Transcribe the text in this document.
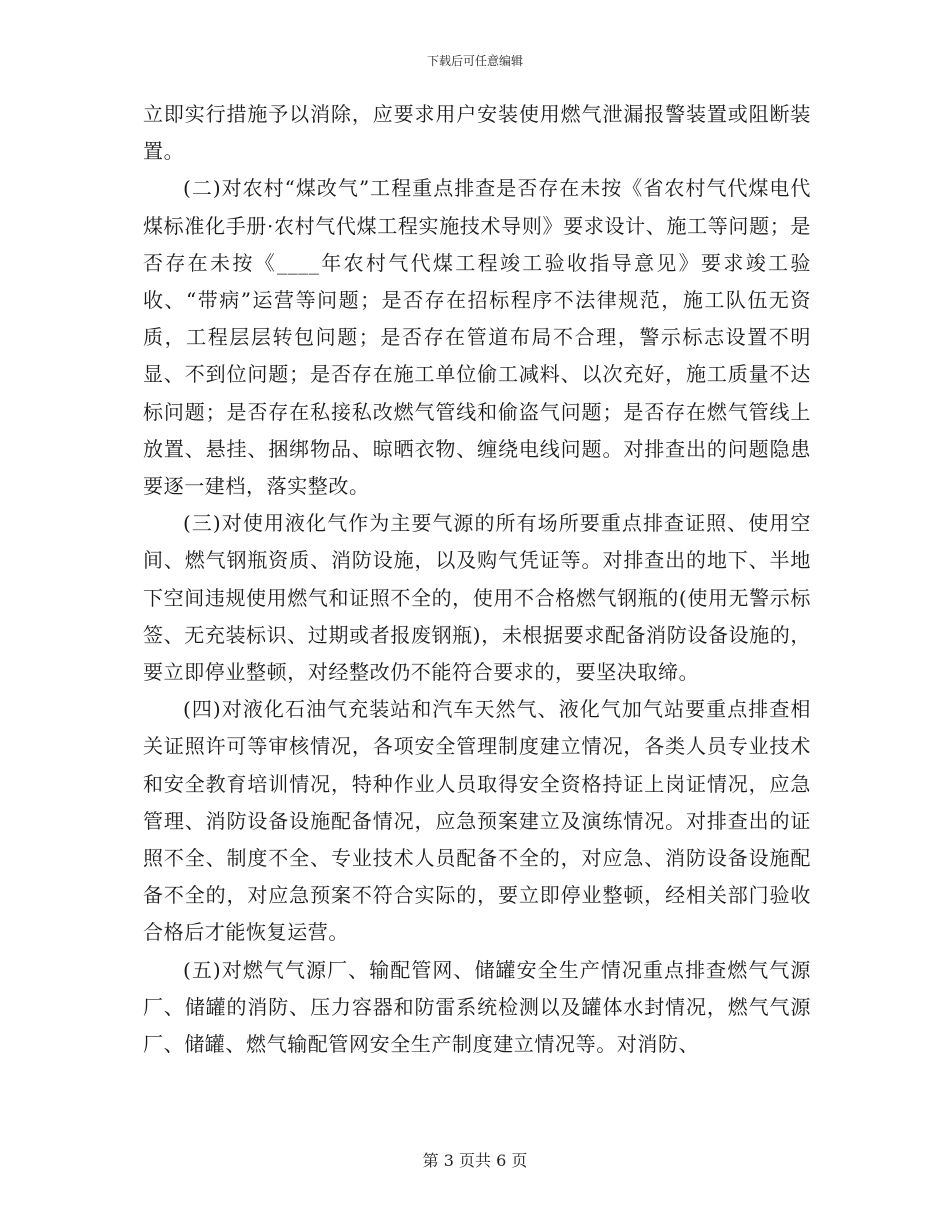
下载后可任意编辑

立即实行措施予以消除，应要求用户安装使用燃气泄漏报警装置或阻断装置。

(二)对农村“煤改气”工程重点排查是否存在未按《省农村气代煤电代煤标准化手册·农村气代煤工程实施技术导则》要求设计、施工等问题；是否存在未按《____年农村气代煤工程竣工验收指导意见》要求竣工验收、“带病”运营等问题；是否存在招标程序不法律规范，施工队伍无资质，工程层层转包问题；是否存在管道布局不合理，警示标志设置不明显、不到位问题；是否存在施工单位偷工减料、以次充好，施工质量不达标问题；是否存在私接私改燃气管线和偷盗气问题；是否存在燃气管线上放置、悬挂、捆绑物品、晾晒衣物、缠绕电线问题。对排查出的问题隐患要逐一建档，落实整改。

(三)对使用液化气作为主要气源的所有场所要重点排查证照、使用空间、燃气钢瓶资质、消防设施，以及购气凭证等。对排查出的地下、半地下空间违规使用燃气和证照不全的，使用不合格燃气钢瓶的(使用无警示标签、无充装标识、过期或者报废钢瓶)，未根据要求配备消防设备设施的，要立即停业整顿，对经整改仍不能符合要求的，要坚决取缔。

(四)对液化石油气充装站和汽车天然气、液化气加气站要重点排查相关证照许可等审核情况，各项安全管理制度建立情况，各类人员专业技术和安全教育培训情况，特种作业人员取得安全资格持证上岗证情况，应急管理、消防设备设施配备情况，应急预案建立及演练情况。对排查出的证照不全、制度不全、专业技术人员配备不全的，对应急、消防设备设施配备不全的，对应急预案不符合实际的，要立即停业整顿，经相关部门验收合格后才能恢复运营。

(五)对燃气气源厂、输配管网、储罐安全生产情况重点排查燃气气源厂、储罐的消防、压力容器和防雷系统检测以及罐体水封情况，燃气气源厂、储罐、燃气输配管网安全生产制度建立情况等。对消防、

第 3 页共 6 页
